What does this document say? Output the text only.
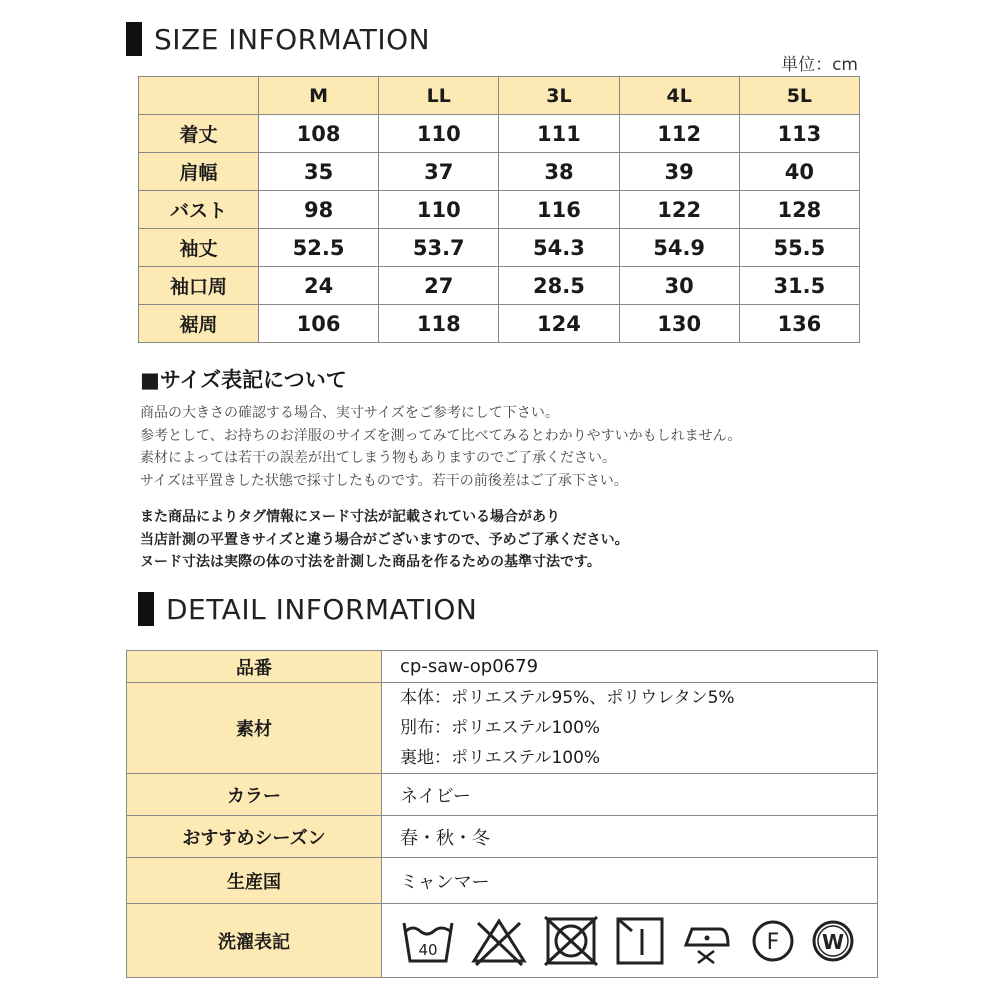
SIZE INFORMATION
単位：cm
	M	LL	3L	4L	5L
着丈	108	110	111	112	113
肩幅	35	37	38	39	40
バスト	98	110	116	122	128
袖丈	52.5	53.7	54.3	54.9	55.5
袖口周	24	27	28.5	30	31.5
裾周	106	118	124	130	136
■サイズ表記について
商品の大きさの確認する場合、実寸サイズをご参考にして下さい。
参考として、お持ちのお洋服のサイズを測ってみて比べてみるとわかりやすいかもしれません。
素材によっては若干の誤差が出てしまう物もありますのでご了承ください。
サイズは平置きした状態で採寸したものです。若干の前後差はご了承下さい。
また商品によりタグ情報にヌード寸法が記載されている場合があり
当店計測の平置きサイズと違う場合がございますので、予めご了承ください。
ヌード寸法は実際の体の寸法を計測した商品を作るための基準寸法です。
DETAIL INFORMATION
品番	cp-saw-op0679
素材	本体：ポリエステル95%、ポリウレタン5%
別布：ポリエステル100%
裏地：ポリエステル100%

カラー	ネイビー
おすすめシーズン	春・秋・冬
生産国	ミャンマー
洗濯表記	40 F W
